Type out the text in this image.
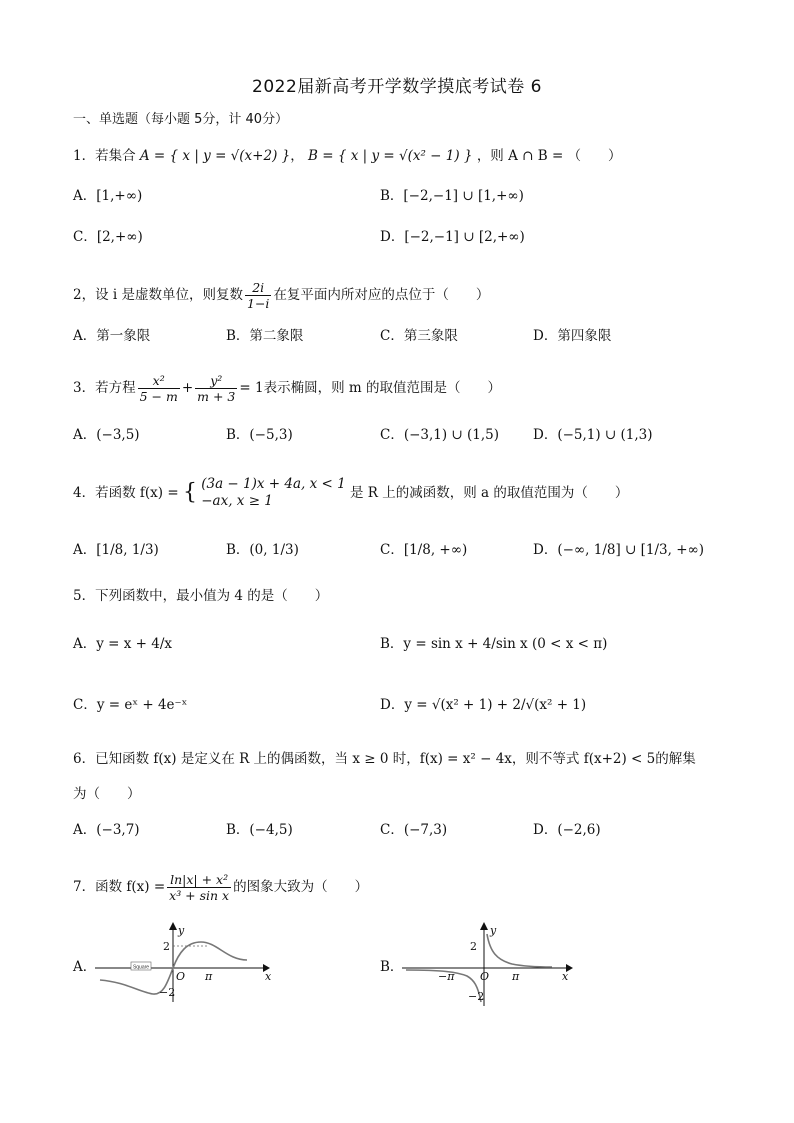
2022届新高考开学数学摸底考试卷 6
一、单选题（每小题 5分，计 40分）
1．若集合 A = { x | y = √(x+2) }， B = { x | y = √(x² − 1) } ，则 A ∩ B = （　　）
A．[1,+∞)	B．[−2,−1] ∪ [1,+∞)
C．[2,+∞)	D．[−2,−1] ∪ [2,+∞)
2，设 i 是虚数单位，则复数 $\frac{2i}{1-i}$ 在复平面内所对应的点位于（　　）
A．第一象限	B．第二象限	C．第三象限	D．第四象限
3．若方程 $\frac{\text{x²}}{5 - m} + \frac{\text{y²}}{m + 3} = 1$表示椭圆，则 m 的取值范围是（　　）
A．(−3,5)	B．(−5,3)	C．(−3,1) ∪ (1,5)	D．(−5,1) ∪ (1,3)
4．若函数 f(x) = { (3a − 1)x + 4a, x < 1
−ax, x ≥ 1	是 R 上的减函数，则 a 的取值范围为（　　）
A．[1/8, 1/3)	B．(0, 1/3)	C．[1/8, +∞)	D．(−∞, 1/8] ∪ [1/3, +∞)
5．下列函数中，最小值为 4 的是（　　）
A．y = x + 4/x	B．y = sin x + 4/sin x (0 < x < π)
C．y = eˣ + 4e⁻ˣ	D．y = √(x² + 1) + 2/√(x² + 1)
6．已知函数 f(x) 是定义在 R 上的偶函数，当 x ≥ 0 时，f(x) = x² − 4x，则不等式 f(x+2) < 5的解集
为（　　）
A．(−3,7)	B．(−4,5)	C．(−7,3)	D．(−2,6)
7．函数 $f(x) = \frac{\text{ln|x| + x²}}{\text{x³ + sin x}}$ 的图象大致为（　　）
A．	Square
y
x
O
2
−2
π
B．
y
x
O
2
−2
−π	π
